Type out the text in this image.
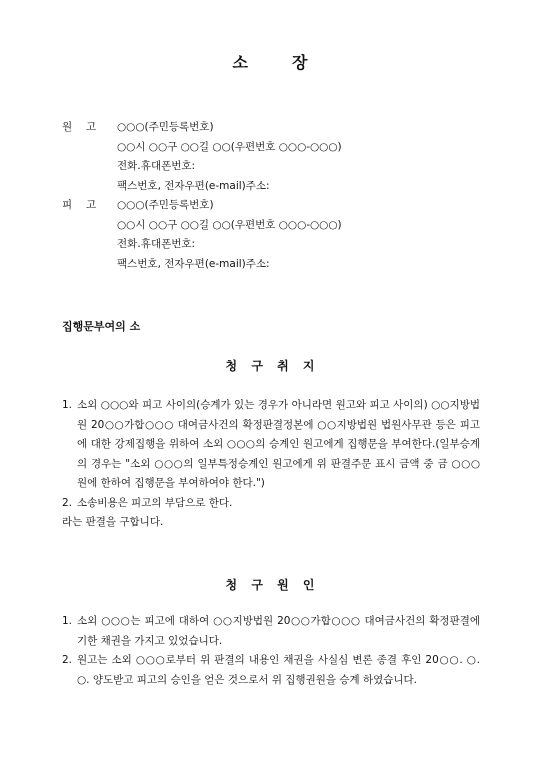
소	장
원 고 ○○○(주민등록번호)
○○시 ○○구 ○○길 ○○(우편번호 ○○○-○○○)
전화․휴대폰번호:
팩스번호, 전자우편(e-mail)주소:
피 고 ○○○(주민등록번호)
○○시 ○○구 ○○길 ○○(우편번호 ○○○-○○○)
전화․휴대폰번호:
팩스번호, 전자우편(e-mail)주소:
집행문부여의 소
청 구 취 지
1. 소외 ○○○와 피고 사이의(승계가 있는 경우가 아니라면 원고와 피고 사이의) ○○지방법원 20○○가합○○○ 대여금사건의 확정판결정본에 ○○지방법원 법원사무관 등은 피고에 대한 강제집행을 위하여 소외 ○○○의 승계인 원고에게 집행문을 부여한다.(일부승계의 경우는 "소외 ○○○의 일부특정승계인 원고에게 위 판결주문 표시 금액 중 금 ○○○원에 한하여 집행문을 부여하여야 한다.")
2. 소송비용은 피고의 부담으로 한다.
라는 판결을 구합니다.
청 구 원 인
1. 소외 ○○○는 피고에 대하여 ○○지방법원 20○○가합○○○ 대여금사건의 확정판결에 기한 채권을 가지고 있었습니다.
2. 원고는 소외 ○○○로부터 위 판결의 내용인 채권을 사실심 변론 종결 후인 20○○. ○. ○. 양도받고 피고의 승인을 얻은 것으로서 위 집행권원을 승계 하였습니다.
